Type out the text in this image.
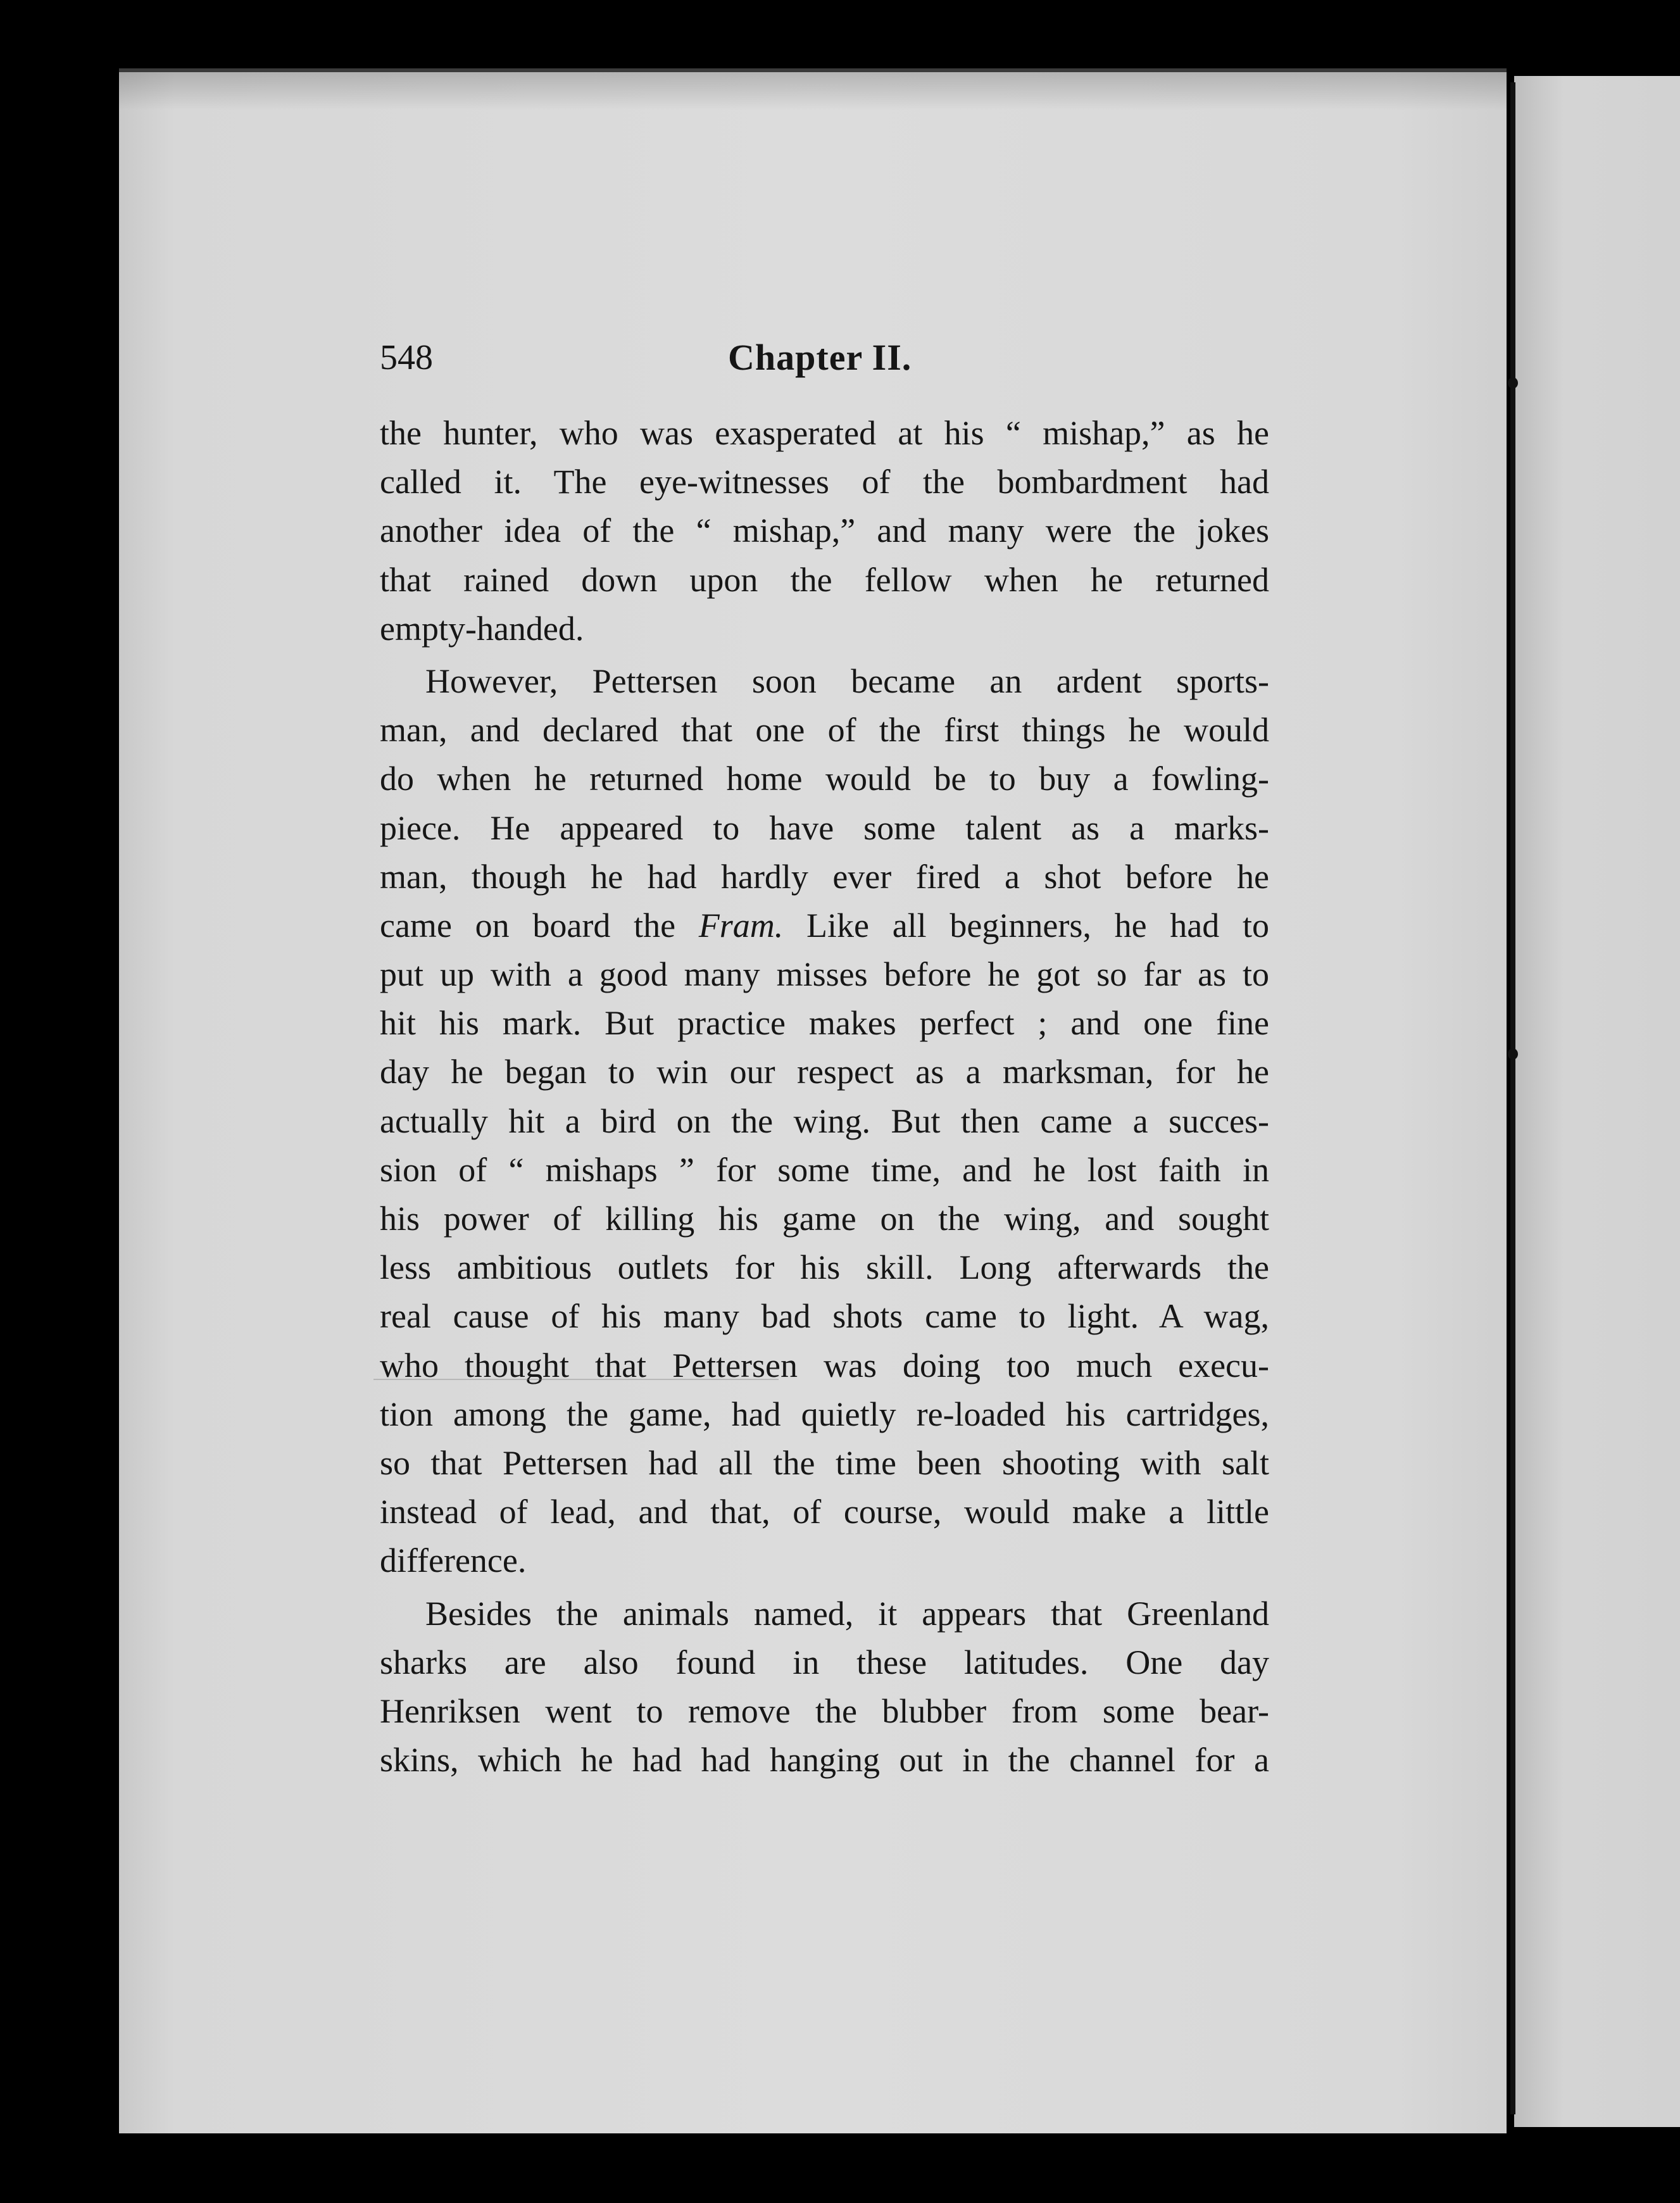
548	Chapter II.
the hunter, who was exasperated at his “ mishap,” as he
called it. The eye-witnesses of the bombardment had
another idea of the “ mishap,” and many were the jokes
that rained down upon the fellow when he returned
empty-handed.
However, Pettersen soon became an ardent sports-
man, and declared that one of the first things he would
do when he returned home would be to buy a fowling-
piece. He appeared to have some talent as a marks-
man, though he had hardly ever fired a shot before he
came on board the Fram. Like all beginners, he had to
put up with a good many misses before he got so far as to
hit his mark. But practice makes perfect ; and one fine
day he began to win our respect as a marksman, for he
actually hit a bird on the wing. But then came a succes-
sion of “ mishaps ” for some time, and he lost faith in
his power of killing his game on the wing, and sought
less ambitious outlets for his skill. Long afterwards the
real cause of his many bad shots came to light. A wag,
who thought that Pettersen was doing too much execu-
tion among the game, had quietly re-loaded his cartridges,
so that Pettersen had all the time been shooting with salt
instead of lead, and that, of course, would make a little
difference.
Besides the animals named, it appears that Greenland
sharks are also found in these latitudes. One day
Henriksen went to remove the blubber from some bear-
skins, which he had had hanging out in the channel for a
